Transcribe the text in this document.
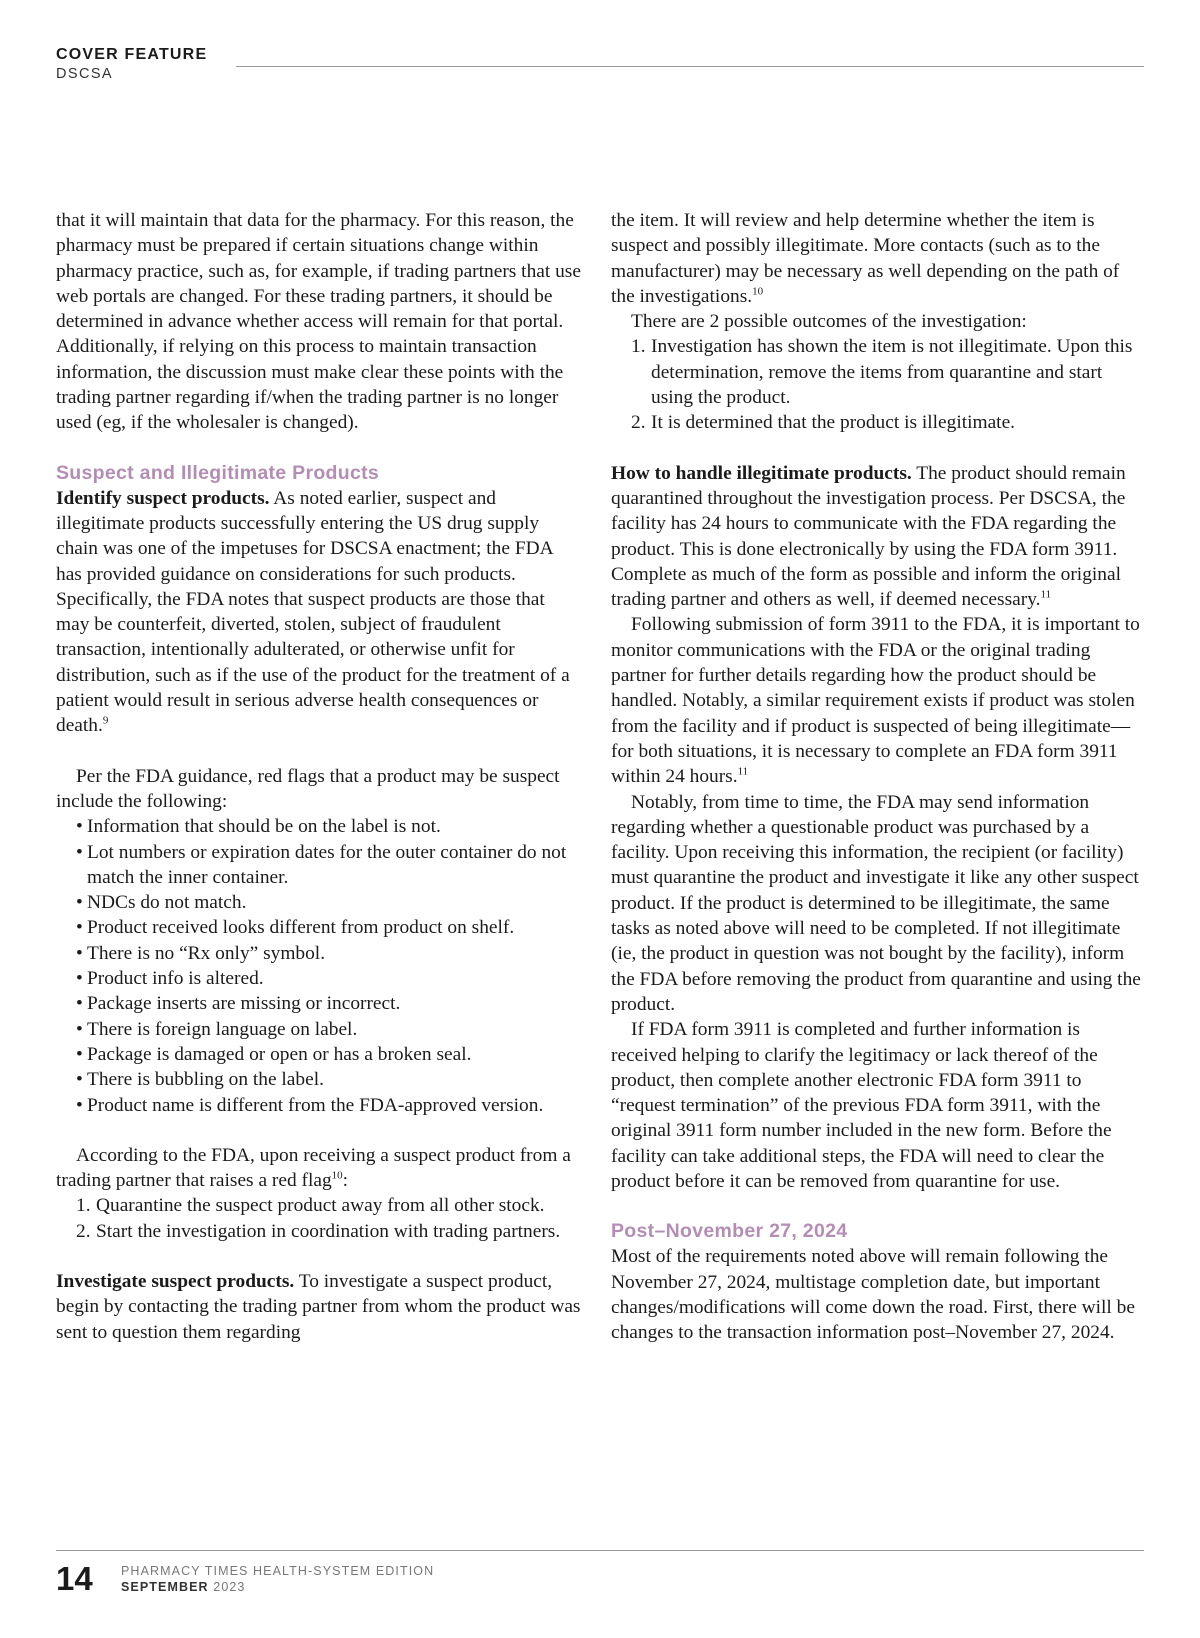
COVER FEATURE
DSCSA

that it will maintain that data for the pharmacy. For this reason, the pharmacy must be prepared if certain situations change within pharmacy practice, such as, for example, if trading partners that use web portals are changed. For these trading partners, it should be determined in advance whether access will remain for that portal. Additionally, if relying on this process to maintain transaction information, the discussion must make clear these points with the trading partner regarding if/when the trading partner is no longer used (eg, if the wholesaler is changed).

Suspect and Illegitimate Products

Identify suspect products. As noted earlier, suspect and illegitimate products successfully entering the US drug supply chain was one of the impetuses for DSCSA enactment; the FDA has provided guidance on considerations for such products. Specifically, the FDA notes that suspect products are those that may be counterfeit, diverted, stolen, subject of fraudulent transaction, intentionally adulterated, or otherwise unfit for distribution, such as if the use of the product for the treatment of a patient would result in serious adverse health consequences or death.$^9$

Per the FDA guidance, red flags that a product may be suspect include the following:

• Information that should be on the label is not.
• Lot numbers or expiration dates for the outer container do not match the inner container.
• NDCs do not match.
• Product received looks different from product on shelf.
• There is no “Rx only” symbol.
• Product info is altered.
• Package inserts are missing or incorrect.
• There is foreign language on label.
• Package is damaged or open or has a broken seal.
• There is bubbling on the label.
• Product name is different from the FDA-approved version.

According to the FDA, upon receiving a suspect product from a trading partner that raises a red flag$^{10}$:

1. Quarantine the suspect product away from all other stock.
2. Start the investigation in coordination with trading partners.

Investigate suspect products. To investigate a suspect product, begin by contacting the trading partner from whom the product was sent to question them regarding

the item. It will review and help determine whether the item is suspect and possibly illegitimate. More contacts (such as to the manufacturer) may be necessary as well depending on the path of the investigations.$^{10}$

There are 2 possible outcomes of the investigation:

1. Investigation has shown the item is not illegitimate. Upon this determination, remove the items from quarantine and start using the product.
2. It is determined that the product is illegitimate.

How to handle illegitimate products. The product should remain quarantined throughout the investigation process. Per DSCSA, the facility has 24 hours to communicate with the FDA regarding the product. This is done electronically by using the FDA form 3911. Complete as much of the form as possible and inform the original trading partner and others as well, if deemed necessary.$^{11}$

Following submission of form 3911 to the FDA, it is important to monitor communications with the FDA or the original trading partner for further details regarding how the product should be handled. Notably, a similar requirement exists if product was stolen from the facility and if product is suspected of being illegitimate—for both situations, it is necessary to complete an FDA form 3911 within 24 hours.$^{11}$

Notably, from time to time, the FDA may send information regarding whether a questionable product was purchased by a facility. Upon receiving this information, the recipient (or facility) must quarantine the product and investigate it like any other suspect product. If the product is determined to be illegitimate, the same tasks as noted above will need to be completed. If not illegitimate (ie, the product in question was not bought by the facility), inform the FDA before removing the product from quarantine and using the product.

If FDA form 3911 is completed and further information is received helping to clarify the legitimacy or lack thereof of the product, then complete another electronic FDA form 3911 to “request termination” of the previous FDA form 3911, with the original 3911 form number included in the new form. Before the facility can take additional steps, the FDA will need to clear the product before it can be removed from quarantine for use.

Post–November 27, 2024

Most of the requirements noted above will remain following the November 27, 2024, multistage completion date, but important changes/modifications will come down the road. First, there will be changes to the transaction information post–November 27, 2024.

14 PHARMACY TIMES HEALTH-SYSTEM EDITION
SEPTEMBER 2023
